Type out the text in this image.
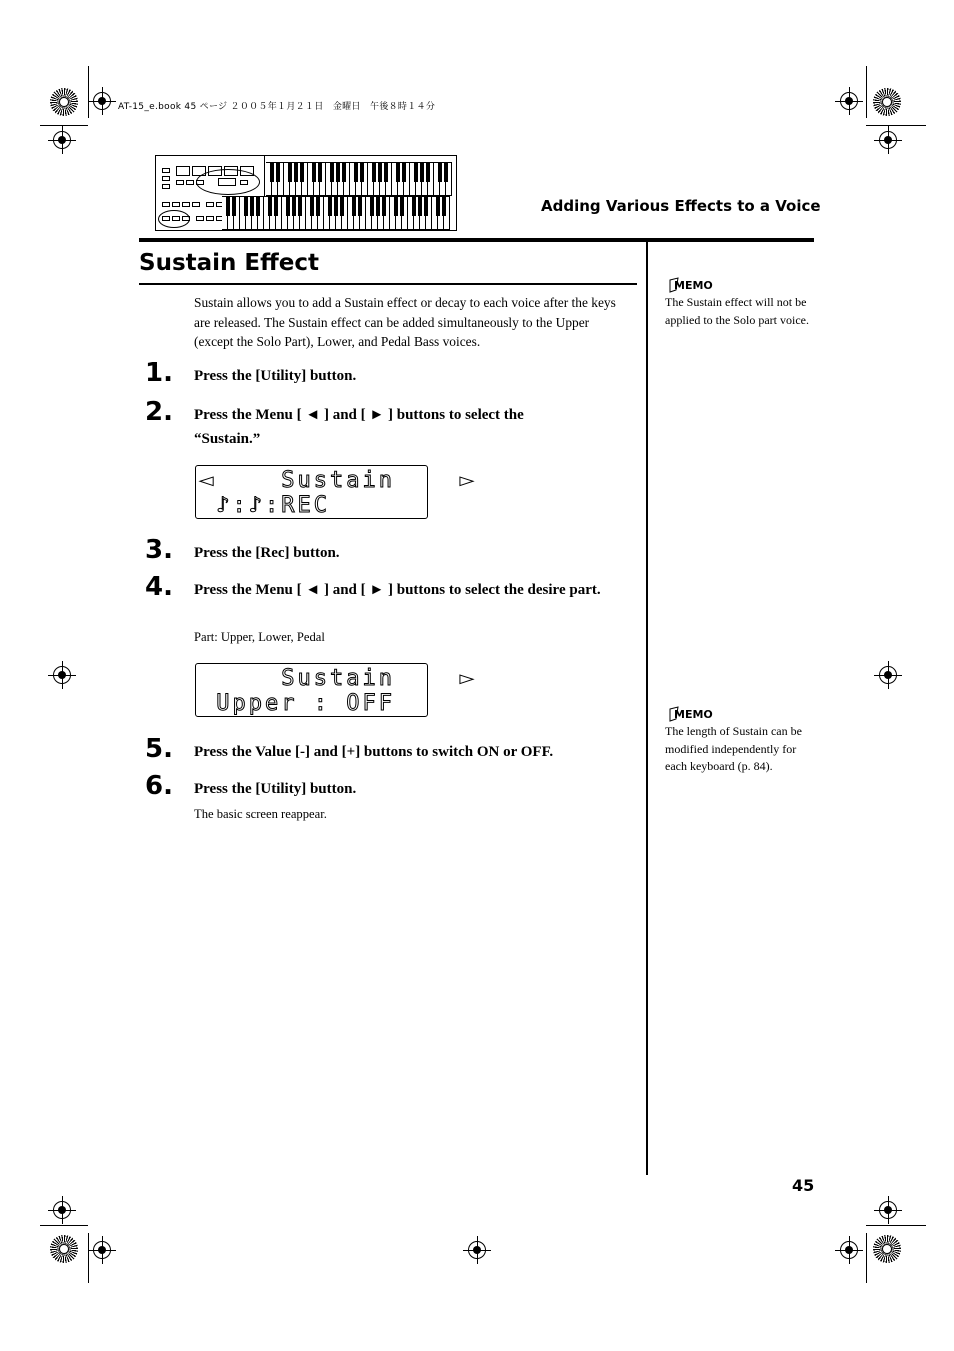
AT-15_e.book 45 ページ ２００５年１月２１日　金曜日　午後８時１４分
Adding Various Effects to a Voice
Sustain Effect
Sustain allows you to add a Sustain effect or decay to each voice after the keys are released. The Sustain effect can be added simultaneously to the Upper (except the Solo Part), Lower, and Pedal Bass voices.
1. Press the [Utility] button.
2. Press the Menu [ ◄ ] and [ ► ] buttons to select the “Sustain.”
◄    Sustain    ►
♪:♪:REC
3. Press the [Rec] button.
4. Press the Menu [ ◄ ] and [ ► ] buttons to select the desire part.
Part: Upper, Lower, Pedal
Sustain    ►
Upper : OFF
5. Press the Value [-] and [+] buttons to switch ON or OFF.
6. Press the [Utility] button.
The basic screen reappear.
MEMO
The Sustain effect will not be applied to the Solo part voice.
MEMO
The length of Sustain can be modified independently for each keyboard (p. 84).
45
